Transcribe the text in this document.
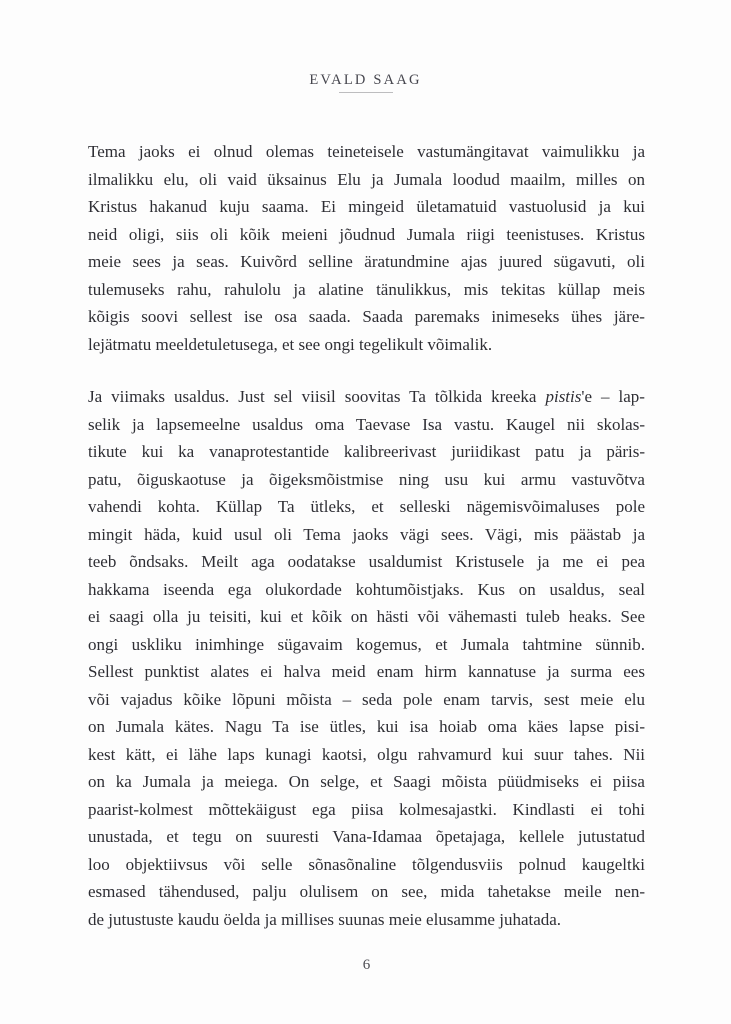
EVALD SAAG
Tema jaoks ei olnud olemas teineteisele vastumängitavat vaimulikku ja
ilmalikku elu, oli vaid üksainus Elu ja Jumala loodud maailm, milles on
Kristus hakanud kuju saama. Ei mingeid ületamatuid vastuolusid ja kui
neid oligi, siis oli kõik meieni jõudnud Jumala riigi teenistuses. Kristus
meie sees ja seas. Kuivõrd selline äratundmine ajas juured sügavuti, oli
tulemuseks rahu, rahulolu ja alatine tänulikkus, mis tekitas küllap meis
kõigis soovi sellest ise osa saada. Saada paremaks inimeseks ühes järe-
lejätmatu meeldetuletusega, et see ongi tegelikult võimalik.
Ja viimaks usaldus. Just sel viisil soovitas Ta tõlkida kreeka pistis'e – lap-
selik ja lapsemeelne usaldus oma Taevase Isa vastu. Kaugel nii skolas-
tikute kui ka vanaprotestantide kalibreerivast juriidikast patu ja päris-
patu, õiguskaotuse ja õigeksmõistmise ning usu kui armu vastuvõtva
vahendi kohta. Küllap Ta ütleks, et selleski nägemisvõimaluses pole
mingit häda, kuid usul oli Tema jaoks vägi sees. Vägi, mis päästab ja
teeb õndsaks. Meilt aga oodatakse usaldumist Kristusele ja me ei pea
hakkama iseenda ega olukordade kohtumõistjaks. Kus on usaldus, seal
ei saagi olla ju teisiti, kui et kõik on hästi või vähemasti tuleb heaks. See
ongi uskliku inimhinge sügavaim kogemus, et Jumala tahtmine sünnib.
Sellest punktist alates ei halva meid enam hirm kannatuse ja surma ees
või vajadus kõike lõpuni mõista – seda pole enam tarvis, sest meie elu
on Jumala kätes. Nagu Ta ise ütles, kui isa hoiab oma käes lapse pisi-
kest kätt, ei lähe laps kunagi kaotsi, olgu rahvamurd kui suur tahes. Nii
on ka Jumala ja meiega. On selge, et Saagi mõista püüdmiseks ei piisa
paarist-kolmest mõttekäigust ega piisa kolmesajastki. Kindlasti ei tohi
unustada, et tegu on suuresti Vana-Idamaa õpetajaga, kellele jutustatud
loo objektiivsus või selle sõnasõnaline tõlgendusviis polnud kaugeltki
esmased tähendused, palju olulisem on see, mida tahetakse meile nen-
de jutustuste kaudu öelda ja millises suunas meie elusamme juhatada.
6
